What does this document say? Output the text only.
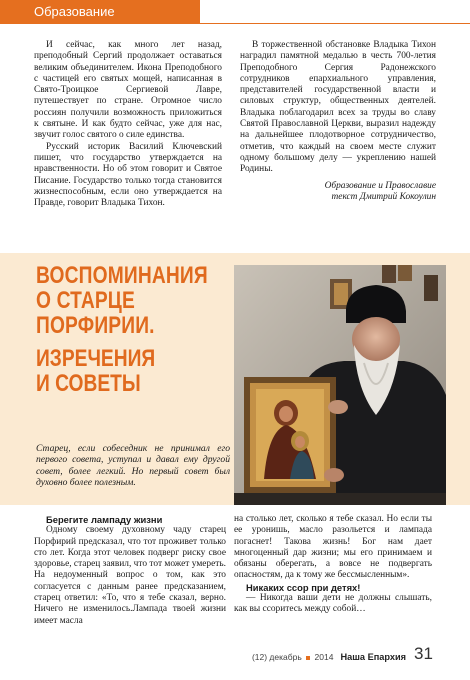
Образование

И сейчас, как много лет назад, преподобный Сергий продолжает оставаться великим объединителем. Икона Преподобного с частицей его святых мощей, написанная в Свято-Троицкое Сергиевой Лавре, путешествует по стране. Огромное число россиян получили возможность приложиться к святыне. И как будто сейчас, уже для нас, звучит голос святого о силе единства.

Русский историк Василий Ключевский пишет, что государство утверждается на нравственности. Но об этом говорит и Святое Писание. Государство только тогда становится жизнеспособным, если оно утверждается на Правде, говорит Владыка Тихон.

В торжественной обстановке Владыка Тихон наградил памятной медалью в честь 700-летия Преподобного Сергия Радонежского сотрудников епархиального управления, представителей государственной власти и силовых структур, общественных деятелей. Владыка поблагодарил всех за труды во славу Святой Православной Церкви, выразил надежду на дальнейшее плодотворное сотрудничество, отметив, что каждый на своем месте служит одному большому делу — укреплению нашей Родины.

Образование и Православие
текст Дмитрий Кокоулин

ВОСПОМИНАНИЯ
О СТАРЦЕ
ПОРФИРИИ.
ИЗРЕЧЕНИЯ
И СОВЕТЫ
Старец, если собеседник не принимал его первого совета, уступал и давал ему другой совет, более легкий. Но первый совет был духовно более полезным.

Берегите лампаду жизни

Одному своему духовному чаду старец Порфирий предсказал, что тот проживет только сто лет. Когда этот человек подверг риску свое здоровье, старец заявил, что тот может умереть. На недоуменный вопрос о том, как это согласуется с данным ранее предсказанием, старец ответил: «То, что я тебе сказал, верно. Ничего не изменилось.Лампада твоей жизни имеет масла

на столько лет, сколько я тебе сказал. Но если ты ее уронишь, масло разольется и лампада погаснет! Такова жизнь! Бог нам дает многоценный дар жизни; мы его принимаем и обязаны оберегать, а вовсе не подвергать опасностям, да к тому же бессмысленным».

Никаких ссор при детях!

— Никогда ваши дети не должны слышать, как вы ссоритесь между собой…

(12) декабрь 2014 Наша Епархия 31
